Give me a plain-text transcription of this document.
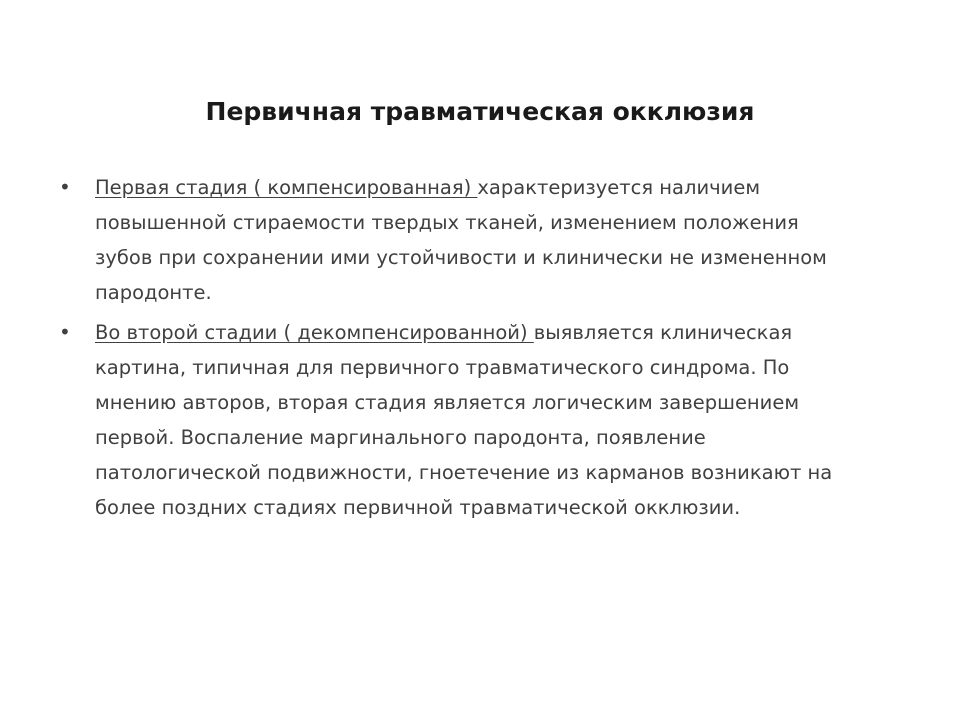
Первичная травматическая окклюзия
• Первая стадия ( компенсированная) характеризуется наличием повышенной стираемости твердых тканей, изменением положения зубов при сохранении ими устойчивости и клинически не измененном пародонте.
• Во второй стадии ( декомпенсированной) выявляется клиническая картина, типичная для первичного травматического синдрома. По мнению авторов, вторая стадия является логическим завершением первой. Воспаление маргинального пародонта, появление патологической подвижности, гноетечение из карманов возникают на более поздних стадиях первичной травматической окклюзии.
